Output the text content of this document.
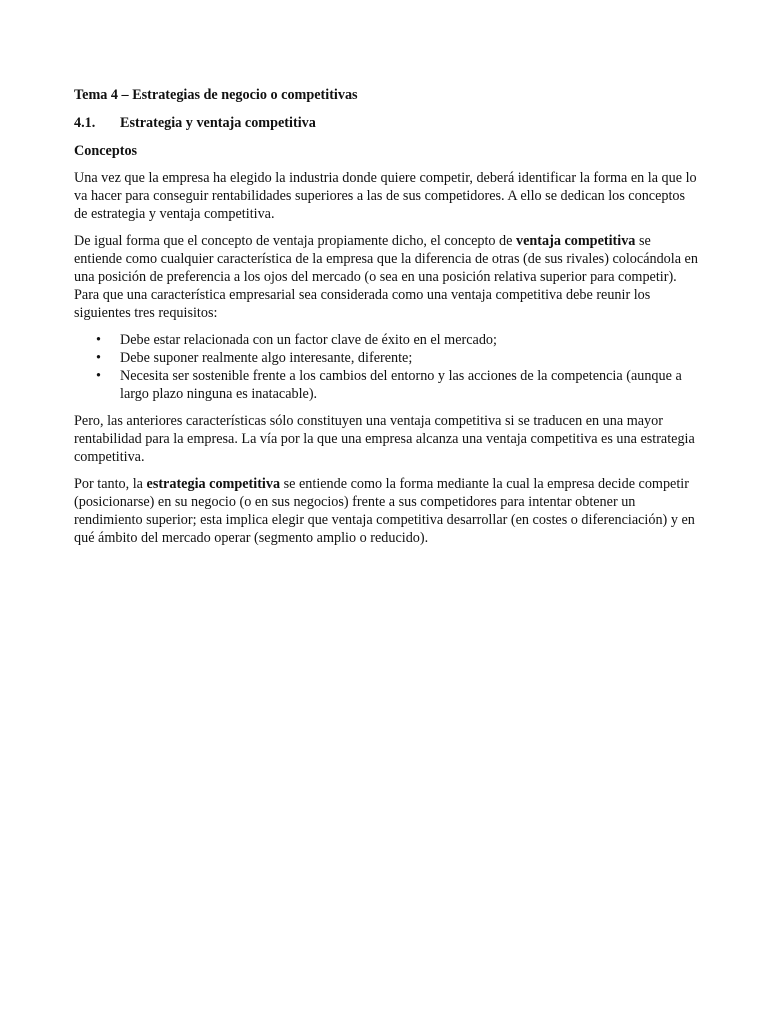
Tema 4 – Estrategias de negocio o competitivas
4.1.	Estrategia y ventaja competitiva
Conceptos

Una vez que la empresa ha elegido la industria donde quiere competir, deberá identificar la forma en la que lo va hacer para conseguir rentabilidades superiores a las de sus competidores. A ello se dedican los conceptos de estrategia y ventaja competitiva.

De igual forma que el concepto de ventaja propiamente dicho, el concepto de ventaja competitiva se entiende como cualquier característica de la empresa que la diferencia de otras (de sus rivales) colocándola en una posición de preferencia a los ojos del mercado (o sea en una posición relativa superior para competir). Para que una característica empresarial sea considerada como una ventaja competitiva debe reunir los siguientes tres requisitos:

• Debe estar relacionada con un factor clave de éxito en el mercado;
• Debe suponer realmente algo interesante, diferente;
• Necesita ser sostenible frente a los cambios del entorno y las acciones de la competencia (aunque a largo plazo ninguna es inatacable).

Pero, las anteriores características sólo constituyen una ventaja competitiva si se traducen en una mayor rentabilidad para la empresa. La vía por la que una empresa alcanza una ventaja competitiva es una estrategia competitiva.

Por tanto, la estrategia competitiva se entiende como la forma mediante la cual la empresa decide competir (posicionarse) en su negocio (o en sus negocios) frente a sus competidores para intentar obtener un rendimiento superior; esta implica elegir que ventaja competitiva desarrollar (en costes o diferenciación) y en qué ámbito del mercado operar (segmento amplio o reducido).
